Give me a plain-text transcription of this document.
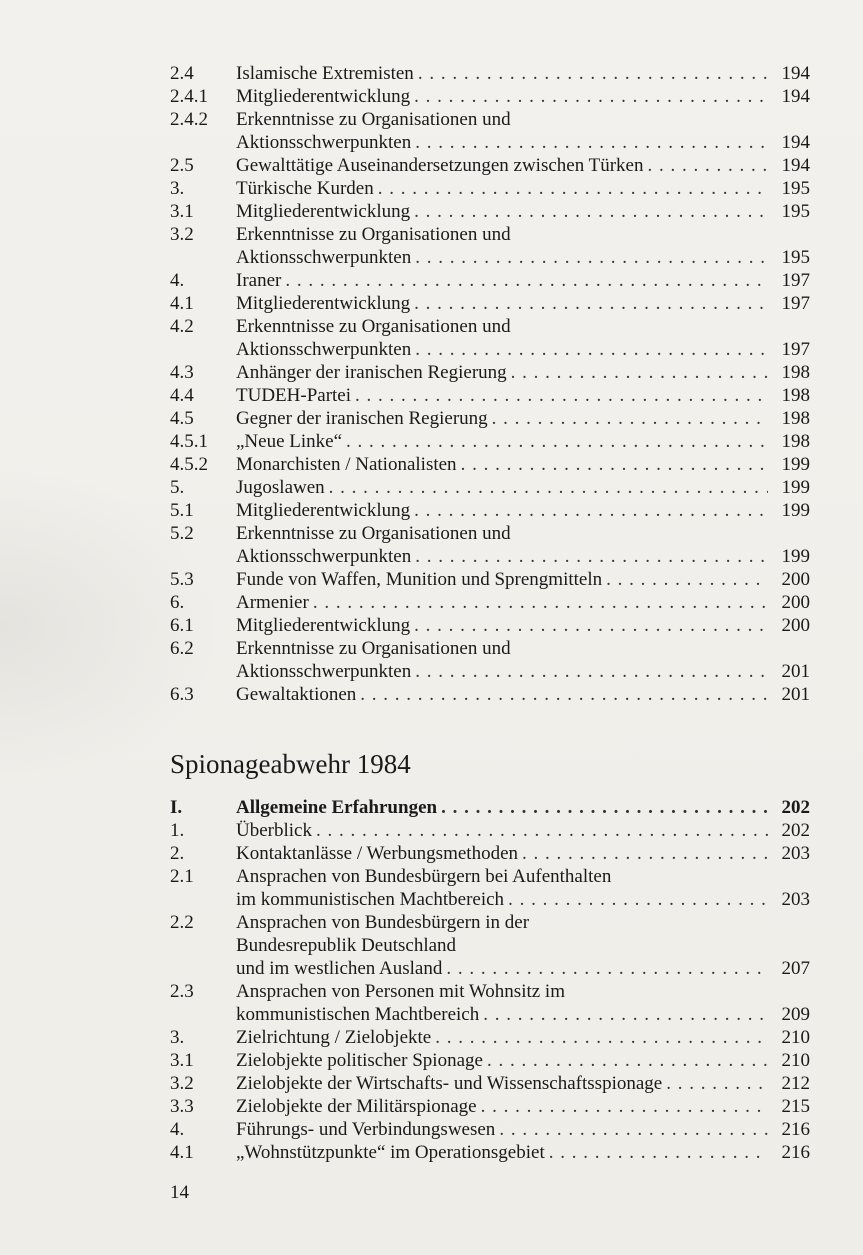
2.4	Islamische Extremisten . . .	194
2.4.1	Mitgliederentwicklung . . .	194
2.4.2	Erkenntnisse zu Organisationen und
Aktionsschwerpunkten . . .	194
2.5	Gewalttätige Auseinandersetzungen zwischen Türken . . .	194
3.	Türkische Kurden . . .	195
3.1	Mitgliederentwicklung . . .	195
3.2	Erkenntnisse zu Organisationen und
Aktionsschwerpunkten . . .	195
4.	Iraner . . .	197
4.1	Mitgliederentwicklung . . .	197
4.2	Erkenntnisse zu Organisationen und
Aktionsschwerpunkten . . .	197
4.3	Anhänger der iranischen Regierung . . .	198
4.4	TUDEH-Partei . . .	198
4.5	Gegner der iranischen Regierung . . .	198
4.5.1	„Neue Linke“ . . .	198
4.5.2	Monarchisten / Nationalisten . . .	199
5.	Jugoslawen . . .	199
5.1	Mitgliederentwicklung . . .	199
5.2	Erkenntnisse zu Organisationen und
Aktionsschwerpunkten . . .	199
5.3	Funde von Waffen, Munition und Sprengmitteln . . .	200
6.	Armenier . . .	200
6.1	Mitgliederentwicklung . . .	200
6.2	Erkenntnisse zu Organisationen und
Aktionsschwerpunkten . . .	201
6.3	Gewaltaktionen . . .	201
Spionageabwehr 1984
I.	Allgemeine Erfahrungen . . .	202
1.	Überblick . . .	202
2.	Kontaktanlässe / Werbungsmethoden . . .	203
2.1	Ansprachen von Bundesbürgern bei Aufenthalten
im kommunistischen Machtbereich . . .	203
2.2	Ansprachen von Bundesbürgern in der
Bundesrepublik Deutschland
und im westlichen Ausland . . .	207
2.3	Ansprachen von Personen mit Wohnsitz im
kommunistischen Machtbereich . . .	209
3.	Zielrichtung / Zielobjekte . . .	210
3.1	Zielobjekte politischer Spionage . . .	210
3.2	Zielobjekte der Wirtschafts- und Wissenschaftsspionage . . .	212
3.3	Zielobjekte der Militärspionage . . .	215
4.	Führungs- und Verbindungswesen . . .	216
4.1	„Wohnstützpunkte“ im Operationsgebiet . . .	216
14
